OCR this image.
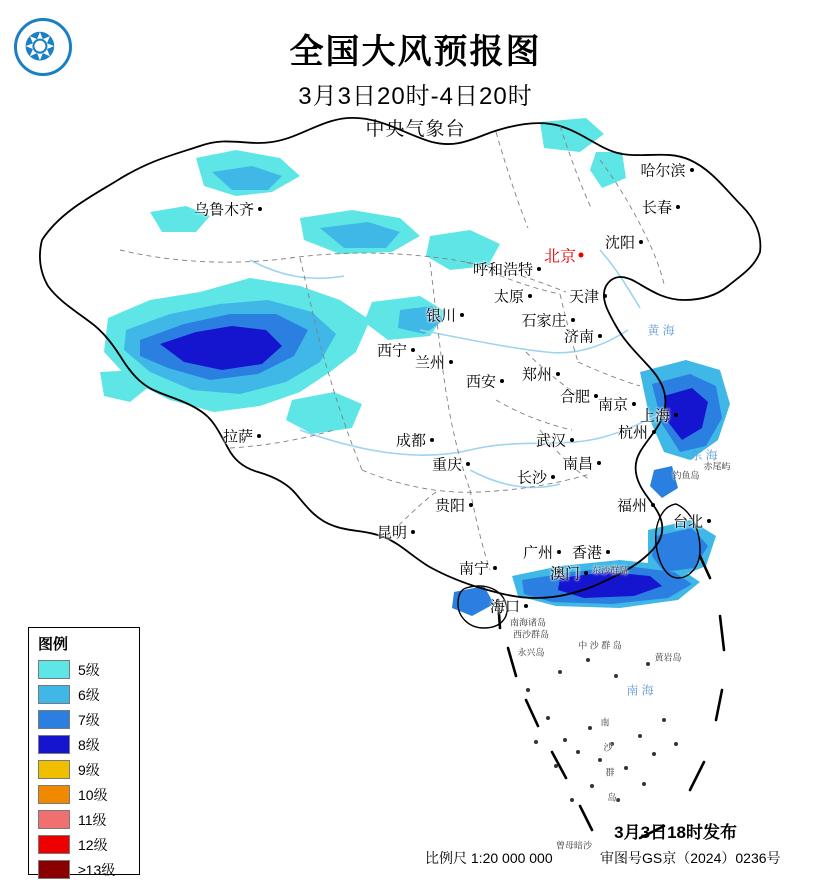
❂	全国大风预报图
3月3日20时-4日20时
中央气象台
哈尔滨
长春
沈阳
北京
乌鲁木齐
呼和浩特
天津
太原
石家庄
济南
银川
西宁
兰州
郑州
西安
合肥 南京
上海
拉萨	成都	武汉	杭州
重庆	南昌
长沙
贵阳	福州
台北
昆明
广州 香港
澳门
南宁
海口
钓鱼岛
赤尾屿
东沙群岛
黄岩岛
西沙群岛
永兴岛
中 沙 群 岛
南
沙
群
岛
曾母暗沙
南海诸岛
黄 海
东 海
南 海
图例
5级
6级
7级
8级
9级
10级
11级
12级
≥13级
3月3日18时发布
比例尺 1:20 000 000	审图号GS京（2024）0236号
